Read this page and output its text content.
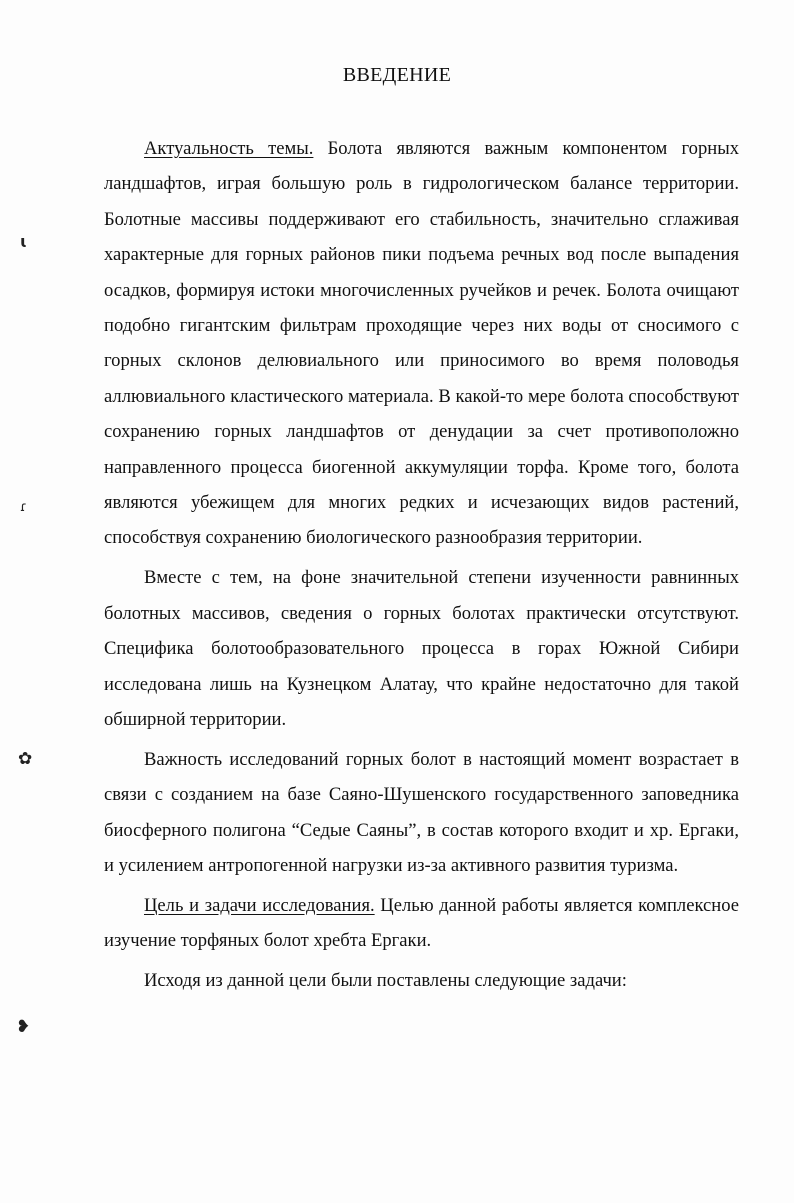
ВВЕДЕНИЕ

Актуальность темы. Болота являются важным компонентом горных ландшафтов, играя большую роль в гидрологическом балансе территории. Болотные массивы поддерживают его стабильность, значительно сглаживая характерные для горных районов пики подъема речных вод после выпадения осадков, формируя истоки многочисленных ручейков и речек. Болота очищают подобно гигантским фильтрам проходящие через них воды от сносимого с горных склонов делювиального или приносимого во время половодья аллювиального кластического материала. В какой-то мере болота способствуют сохранению горных ландшафтов от денудации за счет противоположно направленного процесса биогенной аккумуляции торфа. Кроме того, болота являются убежищем для многих редких и исчезающих видов растений, способствуя сохранению биологического разнообразия территории.

Вместе с тем, на фоне значительной степени изученности равнинных болотных массивов, сведения о горных болотах практически отсутствуют. Специфика болотообразовательного процесса в горах Южной Сибири исследована лишь на Кузнецком Алатау, что крайне недостаточно для такой обширной территории.

Важность исследований горных болот в настоящий момент возрастает в связи с созданием на базе Саяно-Шушенского государственного заповедника биосферного полигона “Седые Саяны”, в состав которого входит и хр. Ергаки, и усилением антропогенной нагрузки из-за активного развития туризма.

Цель и задачи исследования. Целью данной работы является комплексное изучение торфяных болот хребта Ергаки.

Исходя из данной цели были поставлены следующие задачи:

ɩ
ɾ
✿
❥
